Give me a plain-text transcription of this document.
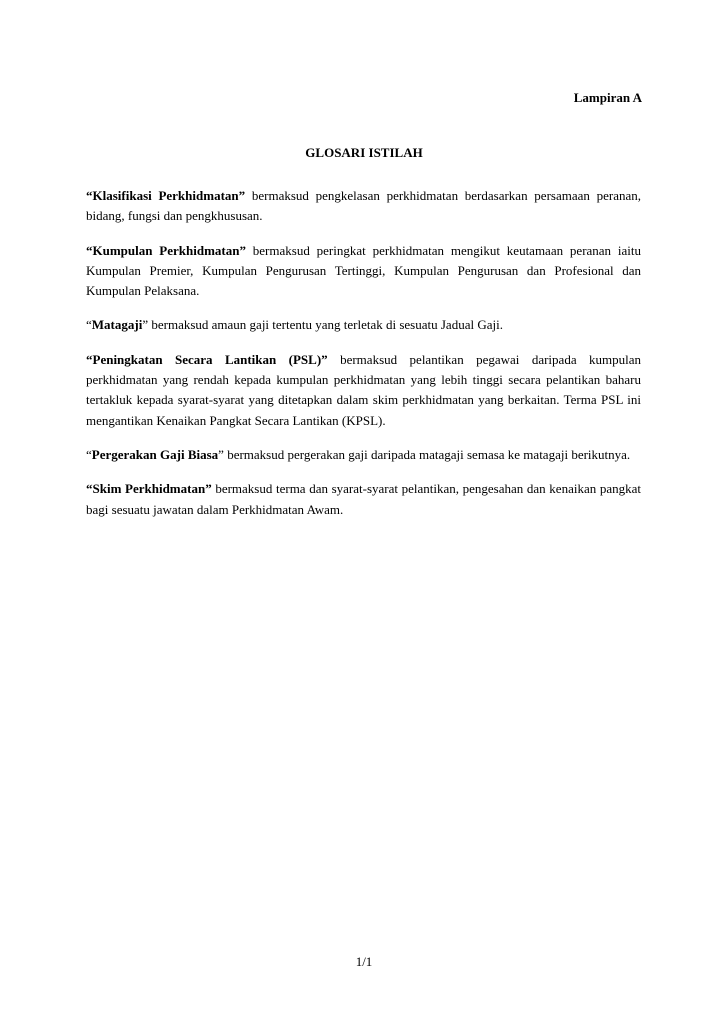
Lampiran A
GLOSARI ISTILAH

“Klasifikasi Perkhidmatan” bermaksud pengkelasan perkhidmatan berdasarkan persamaan peranan, bidang, fungsi dan pengkhususan.

“Kumpulan Perkhidmatan” bermaksud peringkat perkhidmatan mengikut keutamaan peranan iaitu Kumpulan Premier, Kumpulan Pengurusan Tertinggi, Kumpulan Pengurusan dan Profesional dan Kumpulan Pelaksana.

“Matagaji” bermaksud amaun gaji tertentu yang terletak di sesuatu Jadual Gaji.

“Peningkatan Secara Lantikan (PSL)” bermaksud pelantikan pegawai daripada kumpulan perkhidmatan yang rendah kepada kumpulan perkhidmatan yang lebih tinggi secara pelantikan baharu tertakluk kepada syarat-syarat yang ditetapkan dalam skim perkhidmatan yang berkaitan. Terma PSL ini mengantikan Kenaikan Pangkat Secara Lantikan (KPSL).

“Pergerakan Gaji Biasa” bermaksud pergerakan gaji daripada matagaji semasa ke matagaji berikutnya.

“Skim Perkhidmatan” bermaksud terma dan syarat-syarat pelantikan, pengesahan dan kenaikan pangkat bagi sesuatu jawatan dalam Perkhidmatan Awam.

1/1
